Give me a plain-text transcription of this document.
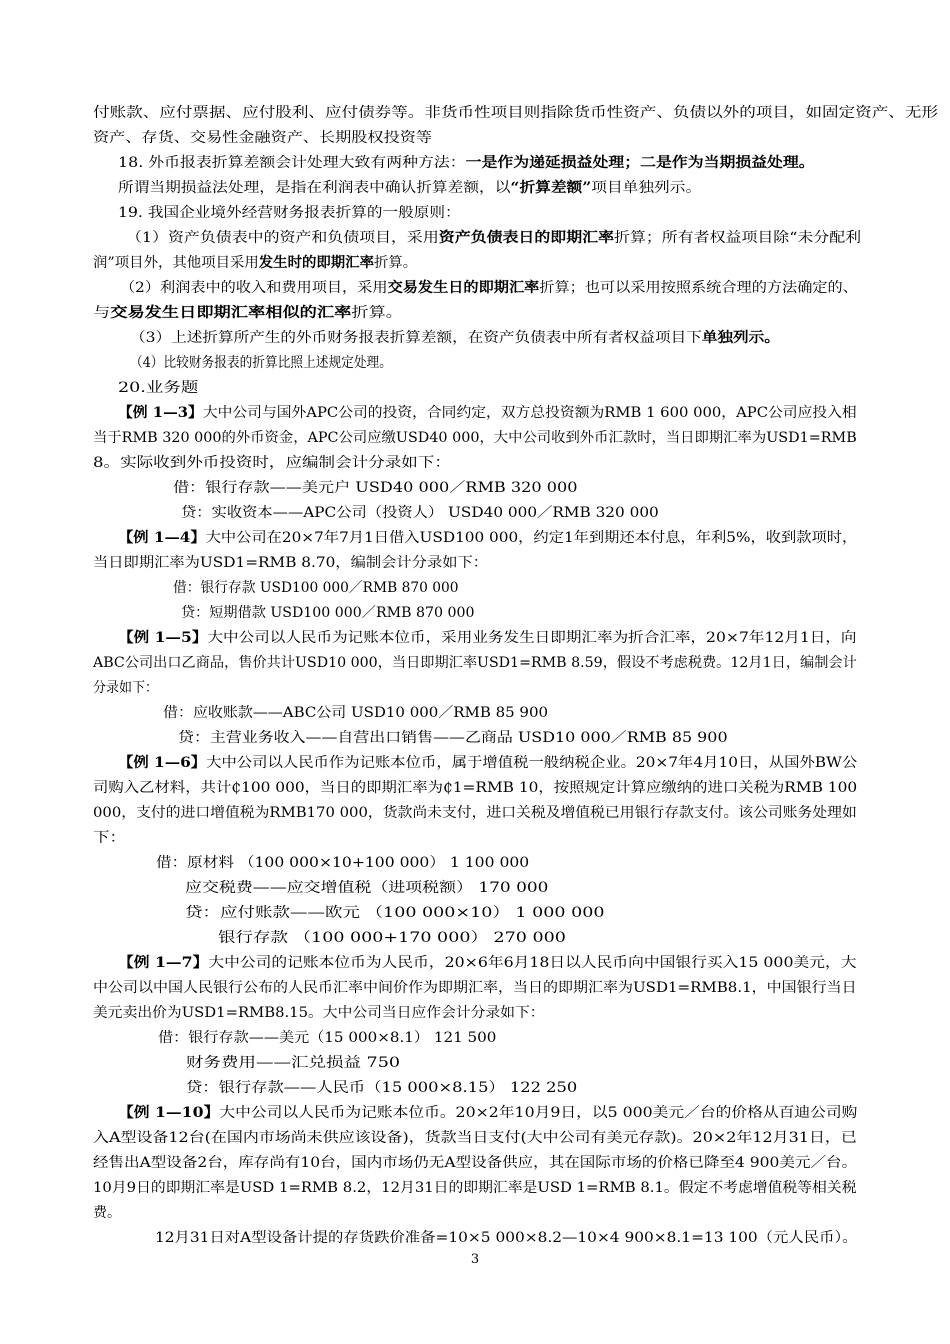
付账款、应付票据、应付股利、应付债券等。非货币性项目则指除货币性资产、负债以外的项目，如固定资产、无形
资产、存货、交易性金融资产、长期股权投资等
18. 外币报表折算差额会计处理大致有两种方法：一是作为递延损益处理；二是作为当期损益处理。
所谓当期损益法处理，是指在利润表中确认折算差额，以“折算差额”项目单独列示。
19. 我国企业境外经营财务报表折算的一般原则：
（1）资产负债表中的资产和负债项目，采用资产负债表日的即期汇率折算；所有者权益项目除“未分配利
润”项目外，其他项目采用发生时的即期汇率折算。
（2）利润表中的收入和费用项目，采用交易发生日的即期汇率折算；也可以采用按照系统合理的方法确定的、
与交易发生日即期汇率相似的汇率折算。
（3）上述折算所产生的外币财务报表折算差额，在资产负债表中所有者权益项目下单独列示。
（4）比较财务报表的折算比照上述规定处理。
20.业务题
【例 1—3】大中公司与国外APC公司的投资，合同约定，双方总投资额为RMB 1 600 000，APC公司应投入相
当于RMB 320 000的外币资金，APC公司应缴USD40 000，大中公司收到外币汇款时，当日即期汇率为USD1=RMB
8。实际收到外币投资时，应编制会计分录如下：
借：银行存款——美元户 USD40 000／RMB 320 000
贷：实收资本——APC公司（投资人） USD40 000／RMB 320 000
【例 1—4】大中公司在20×7年7月1日借入USD100 000，约定1年到期还本付息，年利5%，收到款项时，
当日即期汇率为USD1=RMB 8.70，编制会计分录如下：
借：银行存款 USD100 000／RMB 870 000
贷：短期借款 USD100 000／RMB 870 000
【例 1—5】大中公司以人民币为记账本位币，采用业务发生日即期汇率为折合汇率，20×7年12月1日，向
ABC公司出口乙商品，售价共计USD10 000，当日即期汇率USD1=RMB 8.59，假设不考虑税费。12月1日，编制会计
分录如下：
借：应收账款——ABC公司 USD10 000／RMB 85 900
贷：主营业务收入——自营出口销售——乙商品 USD10 000／RMB 85 900
【例 1—6】大中公司以人民币作为记账本位币，属于增值税一般纳税企业。20×7年4月10日，从国外BW公
司购入乙材料，共计₵100 000，当日的即期汇率为₵1=RMB 10，按照规定计算应缴纳的进口关税为RMB 100
000，支付的进口增值税为RMB170 000，货款尚未支付，进口关税及增值税已用银行存款支付。该公司账务处理如
下：
借：原材料 （100 000×10+100 000） 1 100 000
应交税费——应交增值税（进项税额） 170 000
贷：应付账款——欧元 （100 000×10） 1 000 000
银行存款 （100 000+170 000） 270 000
【例 1—7】大中公司的记账本位币为人民币，20×6年6月18日以人民币向中国银行买入15 000美元，大
中公司以中国人民银行公布的人民币汇率中间价作为即期汇率，当日的即期汇率为USD1=RMB8.1，中国银行当日
美元卖出价为USD1=RMB8.15。大中公司当日应作会计分录如下：
借：银行存款——美元（15 000×8.1） 121 500
财务费用——汇兑损益 750
贷：银行存款——人民币（15 000×8.15） 122 250
【例 1—10】大中公司以人民币为记账本位币。20×2年10月9日，以5 000美元／台的价格从百迪公司购
入A型设备12台(在国内市场尚未供应该设备)，货款当日支付(大中公司有美元存款)。20×2年12月31日，已
经售出A型设备2台，库存尚有10台，国内市场仍无A型设备供应，其在国际市场的价格已降至4 900美元／台。
10月9日的即期汇率是USD 1=RMB 8.2，12月31日的即期汇率是USD 1=RMB 8.1。假定不考虑增值税等相关税
费。
12月31日对A型设备计提的存货跌价准备=10×5 000×8.2—10×4 900×8.1=13 100（元人民币）。
3
